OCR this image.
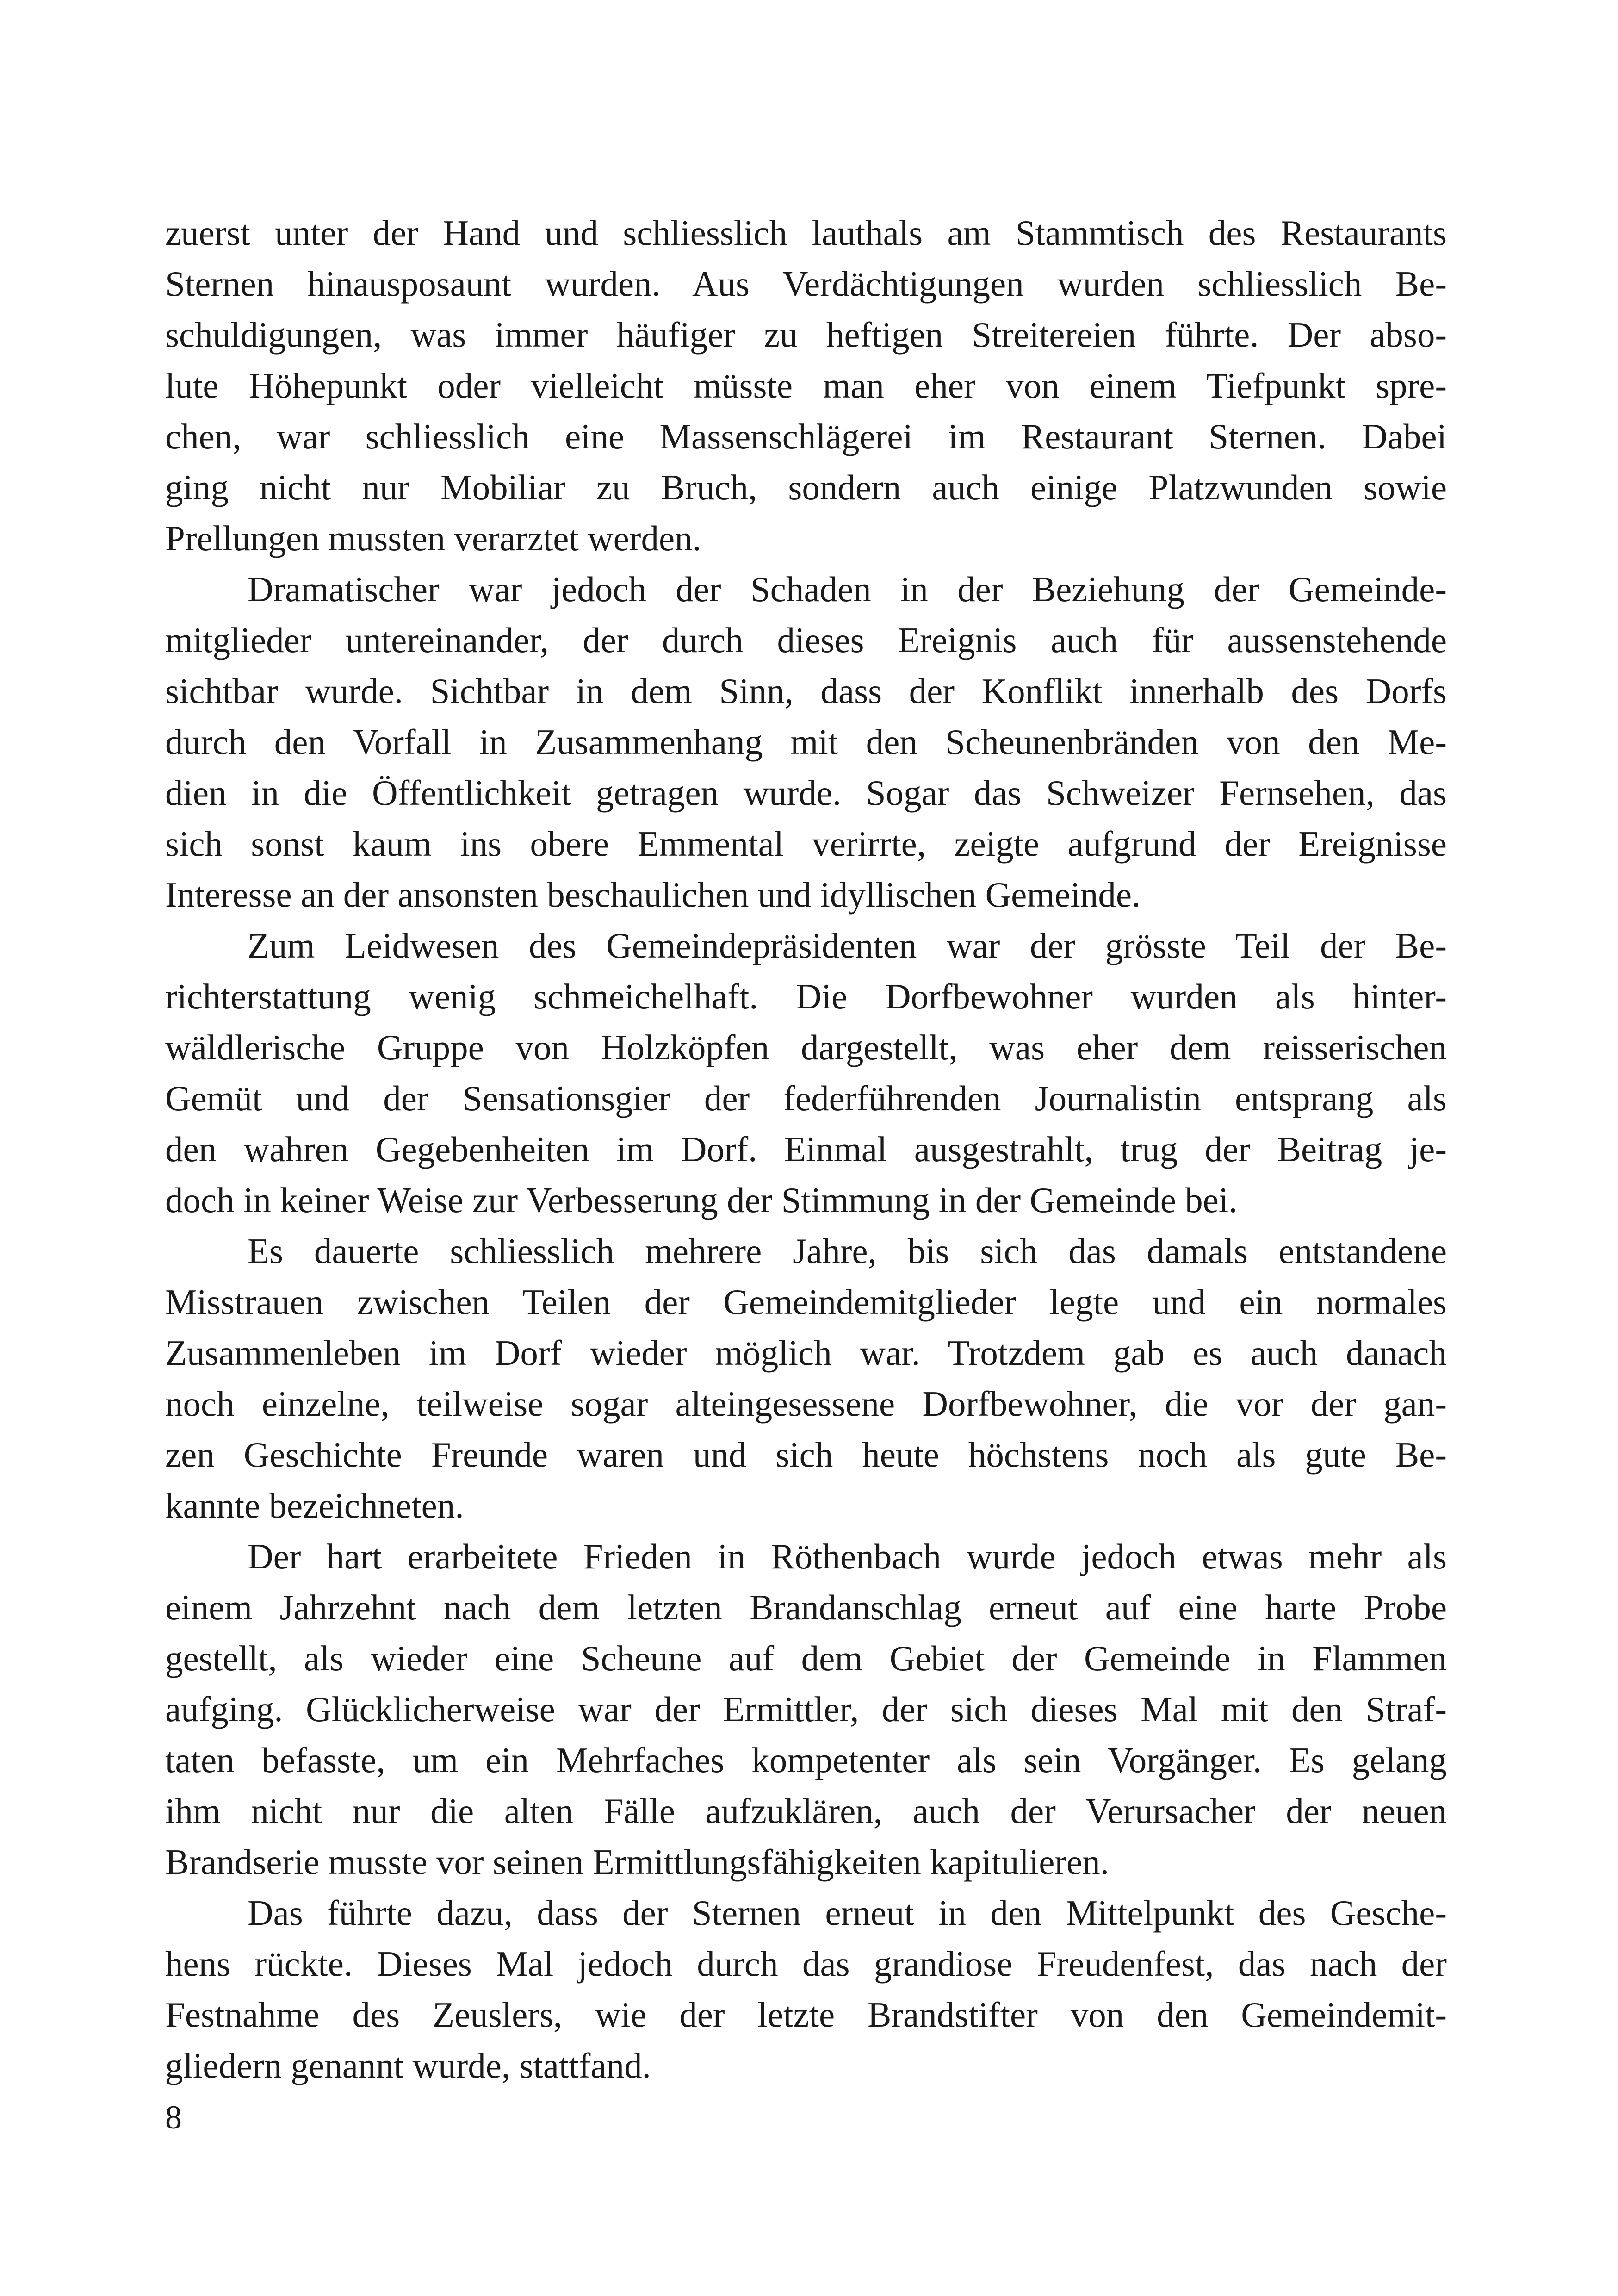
zuerst unter der Hand und schliesslich lauthals am Stammtisch des Restaurants
Sternen hinausposaunt wurden. Aus Verdächtigungen wurden schliesslich Be-
schuldigungen, was immer häufiger zu heftigen Streitereien führte. Der abso-
lute Höhepunkt oder vielleicht müsste man eher von einem Tiefpunkt spre-
chen, war schliesslich eine Massenschlägerei im Restaurant Sternen. Dabei
ging nicht nur Mobiliar zu Bruch, sondern auch einige Platzwunden sowie
Prellungen mussten verarztet werden.
Dramatischer war jedoch der Schaden in der Beziehung der Gemeinde-
mitglieder untereinander, der durch dieses Ereignis auch für aussenstehende
sichtbar wurde. Sichtbar in dem Sinn, dass der Konflikt innerhalb des Dorfs
durch den Vorfall in Zusammenhang mit den Scheunenbränden von den Me-
dien in die Öffentlichkeit getragen wurde. Sogar das Schweizer Fernsehen, das
sich sonst kaum ins obere Emmental verirrte, zeigte aufgrund der Ereignisse
Interesse an der ansonsten beschaulichen und idyllischen Gemeinde.
Zum Leidwesen des Gemeindepräsidenten war der grösste Teil der Be-
richterstattung wenig schmeichelhaft. Die Dorfbewohner wurden als hinter-
wäldlerische Gruppe von Holzköpfen dargestellt, was eher dem reisserischen
Gemüt und der Sensationsgier der federführenden Journalistin entsprang als
den wahren Gegebenheiten im Dorf. Einmal ausgestrahlt, trug der Beitrag je-
doch in keiner Weise zur Verbesserung der Stimmung in der Gemeinde bei.
Es dauerte schliesslich mehrere Jahre, bis sich das damals entstandene
Misstrauen zwischen Teilen der Gemeindemitglieder legte und ein normales
Zusammenleben im Dorf wieder möglich war. Trotzdem gab es auch danach
noch einzelne, teilweise sogar alteingesessene Dorfbewohner, die vor der gan-
zen Geschichte Freunde waren und sich heute höchstens noch als gute Be-
kannte bezeichneten.
Der hart erarbeitete Frieden in Röthenbach wurde jedoch etwas mehr als
einem Jahrzehnt nach dem letzten Brandanschlag erneut auf eine harte Probe
gestellt, als wieder eine Scheune auf dem Gebiet der Gemeinde in Flammen
aufging. Glücklicherweise war der Ermittler, der sich dieses Mal mit den Straf-
taten befasste, um ein Mehrfaches kompetenter als sein Vorgänger. Es gelang
ihm nicht nur die alten Fälle aufzuklären, auch der Verursacher der neuen
Brandserie musste vor seinen Ermittlungsfähigkeiten kapitulieren.
Das führte dazu, dass der Sternen erneut in den Mittelpunkt des Gesche-
hens rückte. Dieses Mal jedoch durch das grandiose Freudenfest, das nach der
Festnahme des Zeuslers, wie der letzte Brandstifter von den Gemeindemit-
gliedern genannt wurde, stattfand.
8
